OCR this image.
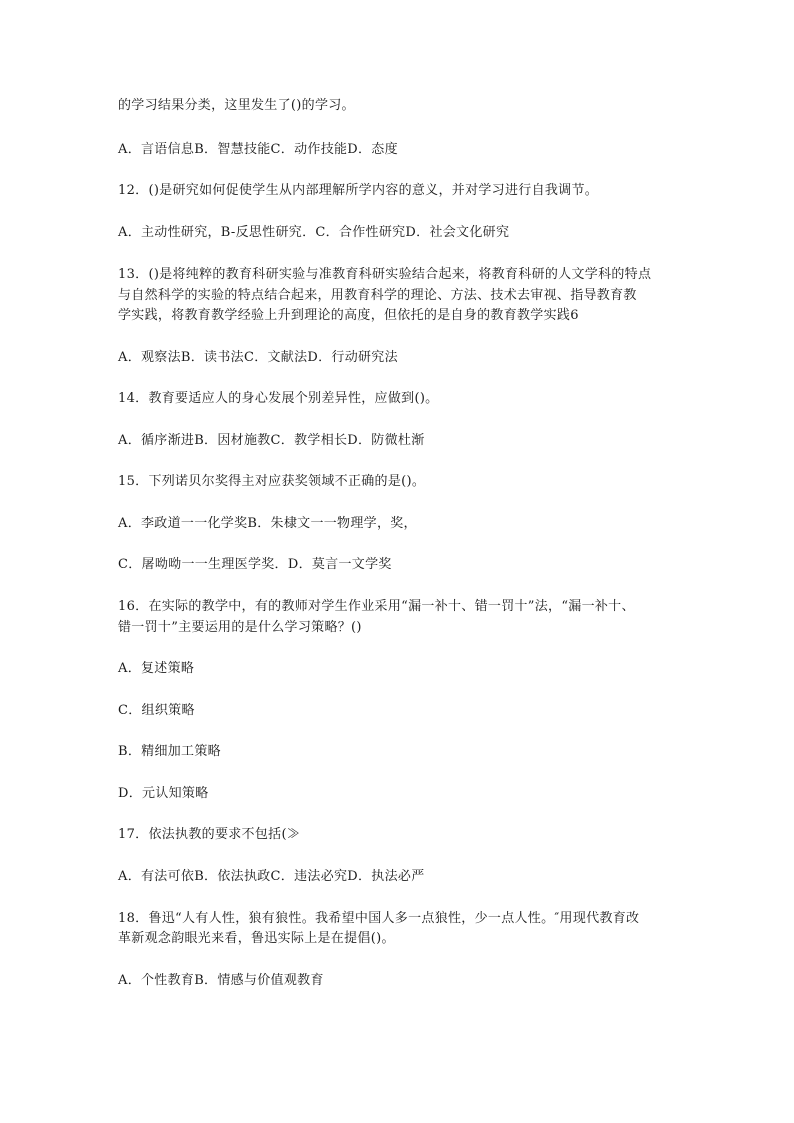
的学习结果分类，这里发生了()的学习。
A．言语信息B．智慧技能C．动作技能D．态度
12．()是研究如何促使学生从内部理解所学内容的意义，并对学习进行自我调节。
A．主动性研究，B-反思性研究．C．合作性研究D．社会文化研究
13．()是将纯粹的教育科研实验与准教育科研实验结合起来，将教育科研的人文学科的特点
与自然科学的实验的特点结合起来，用教育科学的理论、方法、技术去审视、指导教育教
学实践，将教育教学经验上升到理论的高度，但依托的是自身的教育教学实践6
A．观察法B．读书法C．文献法D．行动研究法
14．教育要适应人的身心发展个别差异性，应做到()。
A．循序渐进B．因材施教C．教学相长D．防微杜渐
15．下列诺贝尔奖得主对应获奖领域不正确的是()。
A．李政道一一化学奖B．朱棣文一一物理学，奖，
C．屠呦呦一一生理医学奖．D．莫言一文学奖
16．在实际的教学中，有的教师对学生作业采用“漏一补十、错一罚十”法，“漏一补十、
错一罚十”主要运用的是什么学习策略？()
A．复述策略
C．组织策略
B．精细加工策略
D．元认知策略
17．依法执教的要求不包括(≫
A．有法可依B．依法执政C．违法必究D．执法必严
18．鲁迅“人有人性，狼有狼性。我希望中国人多一点狼性，少一点人性。″用现代教育改
革新观念韵眼光来看，鲁迅实际上是在提倡()。
A．个性教育B．情感与价值观教育
